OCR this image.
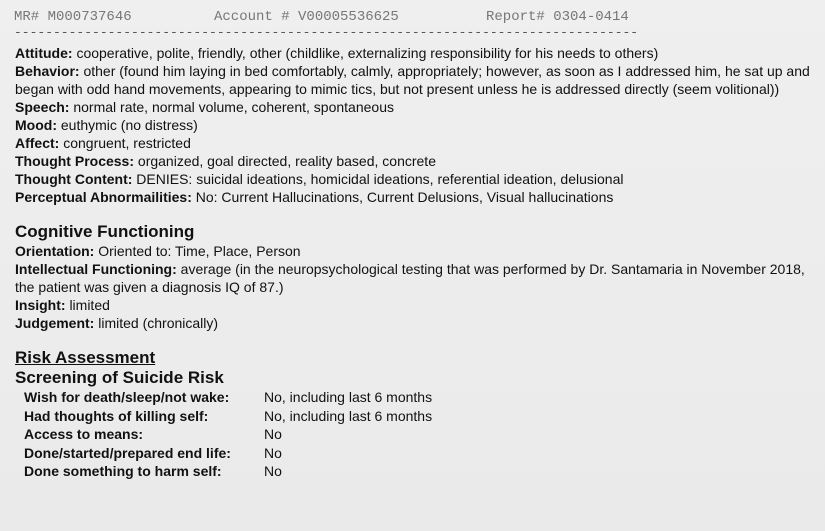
MR# M000737646

	Account # V00005536625

	Report# 0304-0414

--------------------------------------------------------------------------------

Attitude: cooperative, polite, friendly, other (childlike, externalizing responsibility for his needs to others)

Behavior: other (found him laying in bed comfortably, calmly, appropriately; however, as soon as I addressed him, he sat up and began with odd hand movements, appearing to mimic tics, but not present unless he is addressed directly (seem volitional))

Speech: normal rate, normal volume, coherent, spontaneous

Mood: euthymic (no distress)

Affect: congruent, restricted

Thought Process: organized, goal directed, reality based, concrete

Thought Content: DENIES: suicidal ideations, homicidal ideations, referential ideation, delusional

Perceptual Abnormailities: No: Current Hallucinations, Current Delusions, Visual hallucinations

Cognitive Functioning

Orientation: Oriented to: Time, Place, Person

Intellectual Functioning: average (in the neuropsychological testing that was performed by Dr. Santamaria in November 2018, the patient was given a diagnosis IQ of 87.)

Insight: limited

Judgement: limited (chronically)

Risk Assessment
Screening of Suicide Risk
Wish for death/sleep/not wake:	No, including last 6 months
Had thoughts of killing self:	No, including last 6 months
Access to means:	No
Done/started/prepared end life:	No
Done something to harm self:	No
